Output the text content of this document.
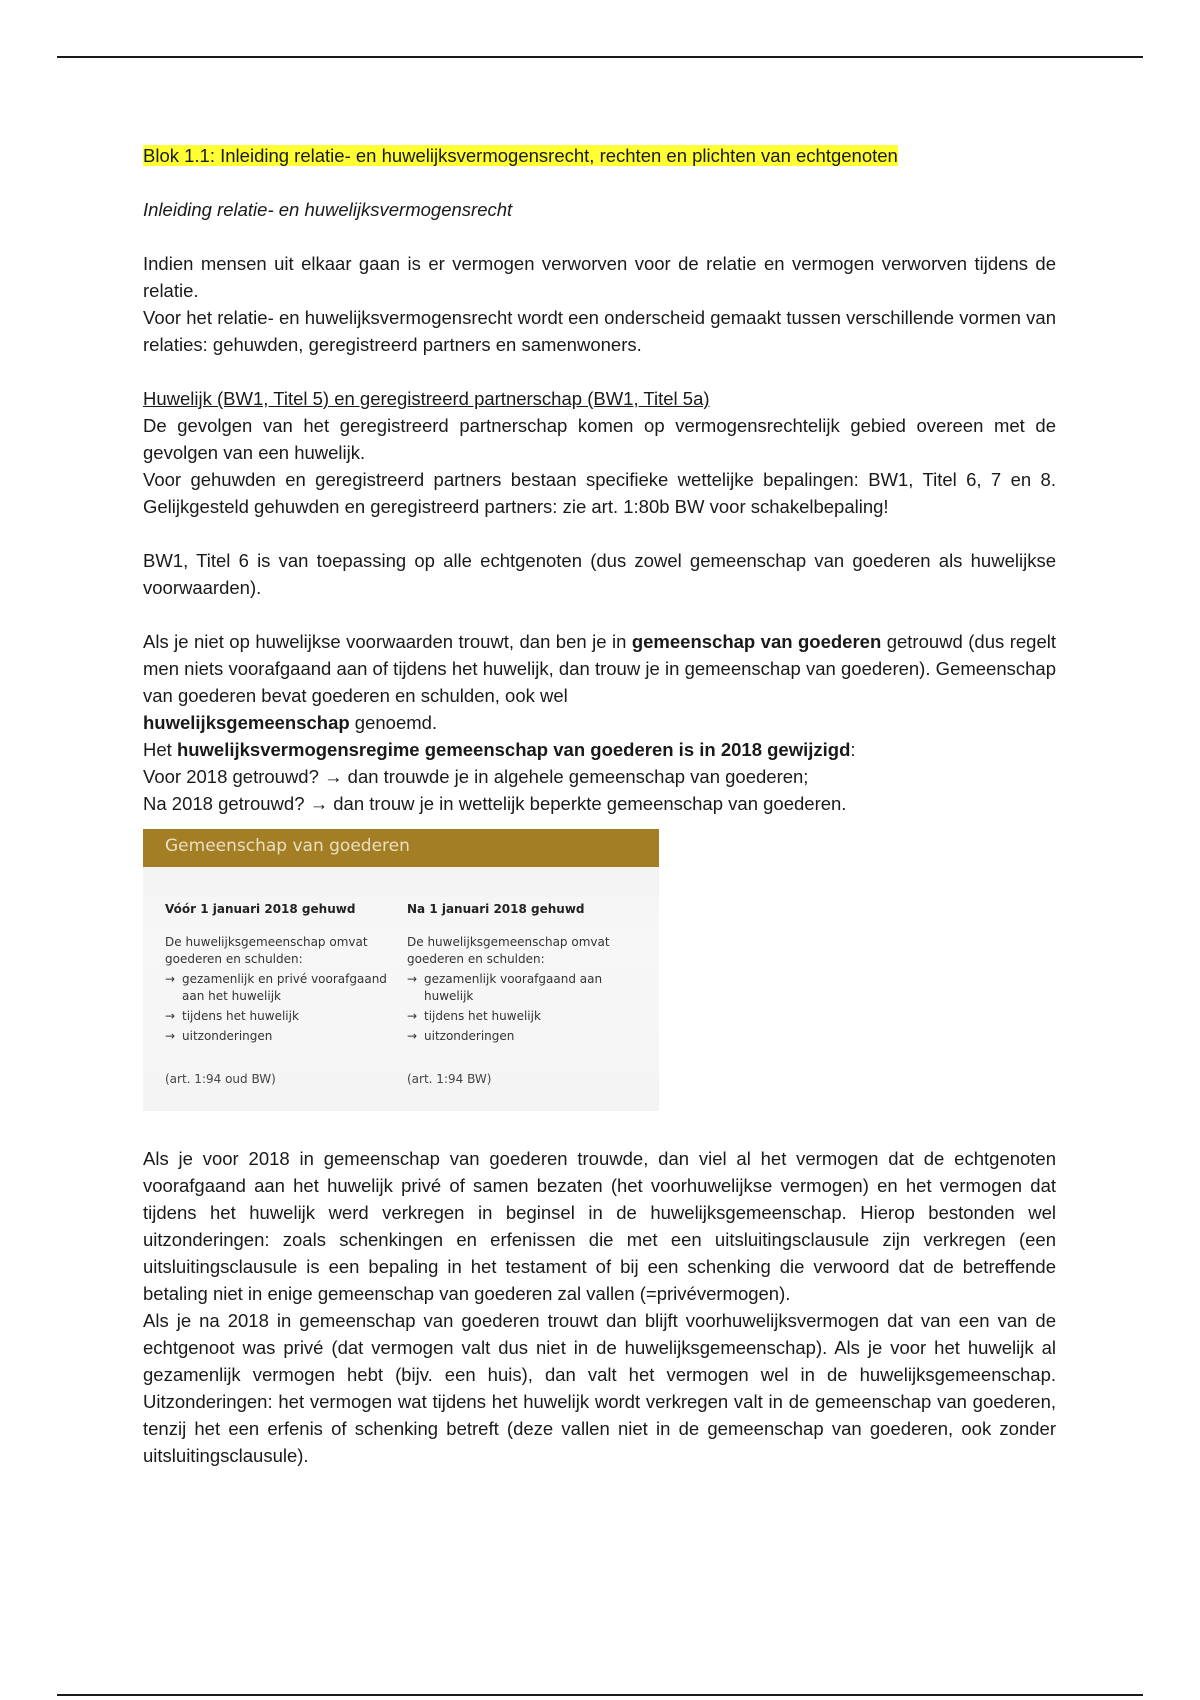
Blok 1.1: Inleiding relatie- en huwelijksvermogensrecht, rechten en plichten van echtgenoten

Inleiding relatie- en huwelijksvermogensrecht

Indien mensen uit elkaar gaan is er vermogen verworven voor de relatie en vermogen verworven tijdens de relatie.

Voor het relatie- en huwelijksvermogensrecht wordt een onderscheid gemaakt tussen verschillende vormen van relaties: gehuwden, geregistreerd partners en samenwoners.

Huwelijk (BW1, Titel 5) en geregistreerd partnerschap (BW1, Titel 5a)

De gevolgen van het geregistreerd partnerschap komen op vermogensrechtelijk gebied overeen met de gevolgen van een huwelijk.

Voor gehuwden en geregistreerd partners bestaan specifieke wettelijke bepalingen: BW1, Titel 6, 7 en 8. Gelijkgesteld gehuwden en geregistreerd partners: zie art. 1:80b BW voor schakelbepaling!

BW1, Titel 6 is van toepassing op alle echtgenoten (dus zowel gemeenschap van goederen als huwelijkse voorwaarden).

Als je niet op huwelijkse voorwaarden trouwt, dan ben je in gemeenschap van goederen getrouwd (dus regelt men niets voorafgaand aan of tijdens het huwelijk, dan trouw je in gemeenschap van goederen). Gemeenschap van goederen bevat goederen en schulden, ook wel
huwelijksgemeenschap genoemd.

Het huwelijksvermogensregime gemeenschap van goederen is in 2018 gewijzigd:

Voor 2018 getrouwd? → dan trouwde je in algehele gemeenschap van goederen;

Na 2018 getrouwd? → dan trouw je in wettelijk beperkte gemeenschap van goederen.

Gemeenschap van goederen
Vóór 1 januari 2018 gehuwd
De huwelijksgemeenschap omvat goederen en schulden:
→ gezamenlijk en privé voorafgaand aan het huwelijk
→ tijdens het huwelijk
→ uitzonderingen
(art. 1:94 oud BW)
Na 1 januari 2018 gehuwd
De huwelijksgemeenschap omvat goederen en schulden:
→ gezamenlijk voorafgaand aan huwelijk
→ tijdens het huwelijk
→ uitzonderingen
(art. 1:94 BW)

Als je voor 2018 in gemeenschap van goederen trouwde, dan viel al het vermogen dat de echtgenoten voorafgaand aan het huwelijk privé of samen bezaten (het voorhuwelijkse vermogen) en het vermogen dat tijdens het huwelijk werd verkregen in beginsel in de huwelijksgemeenschap. Hierop bestonden wel uitzonderingen: zoals schenkingen en erfenissen die met een uitsluitingsclausule zijn verkregen (een uitsluitingsclausule is een bepaling in het testament of bij een schenking die verwoord dat de betreffende betaling niet in enige gemeenschap van goederen zal vallen (=privévermogen).

Als je na 2018 in gemeenschap van goederen trouwt dan blijft voorhuwelijksvermogen dat van een van de echtgenoot was privé (dat vermogen valt dus niet in de huwelijksgemeenschap). Als je voor het huwelijk al gezamenlijk vermogen hebt (bijv. een huis), dan valt het vermogen wel in de huwelijksgemeenschap. Uitzonderingen: het vermogen wat tijdens het huwelijk wordt verkregen valt in de gemeenschap van goederen, tenzij het een erfenis of schenking betreft (deze vallen niet in de gemeenschap van goederen, ook zonder uitsluitingsclausule).
